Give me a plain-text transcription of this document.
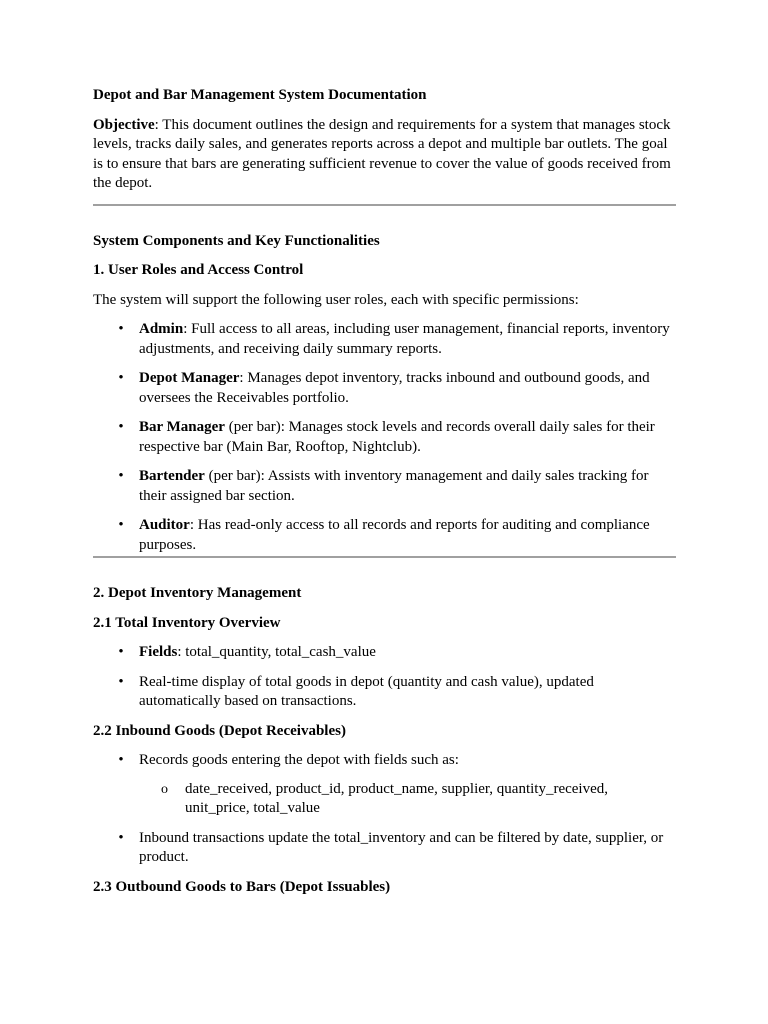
Depot and Bar Management System Documentation

Objective: This document outlines the design and requirements for a system that manages stock levels, tracks daily sales, and generates reports across a depot and multiple bar outlets. The goal is to ensure that bars are generating sufficient revenue to cover the value of goods received from the depot.

System Components and Key Functionalities

1. User Roles and Access Control

The system will support the following user roles, each with specific permissions:

• Admin: Full access to all areas, including user management, financial reports, inventory adjustments, and receiving daily summary reports.
• Depot Manager: Manages depot inventory, tracks inbound and outbound goods, and oversees the Receivables portfolio.
• Bar Manager (per bar): Manages stock levels and records overall daily sales for their respective bar (Main Bar, Rooftop, Nightclub).
• Bartender (per bar): Assists with inventory management and daily sales tracking for their assigned bar section.
• Auditor: Has read-only access to all records and reports for auditing and compliance purposes.

2. Depot Inventory Management

2.1 Total Inventory Overview

• Fields: total_quantity, total_cash_value
• Real-time display of total goods in depot (quantity and cash value), updated automatically based on transactions.

2.2 Inbound Goods (Depot Receivables)

• Records goods entering the depot with fields such as:
o date_received, product_id, product_name, supplier, quantity_received, unit_price, total_value
• Inbound transactions update the total_inventory and can be filtered by date, supplier, or product.

2.3 Outbound Goods to Bars (Depot Issuables)
